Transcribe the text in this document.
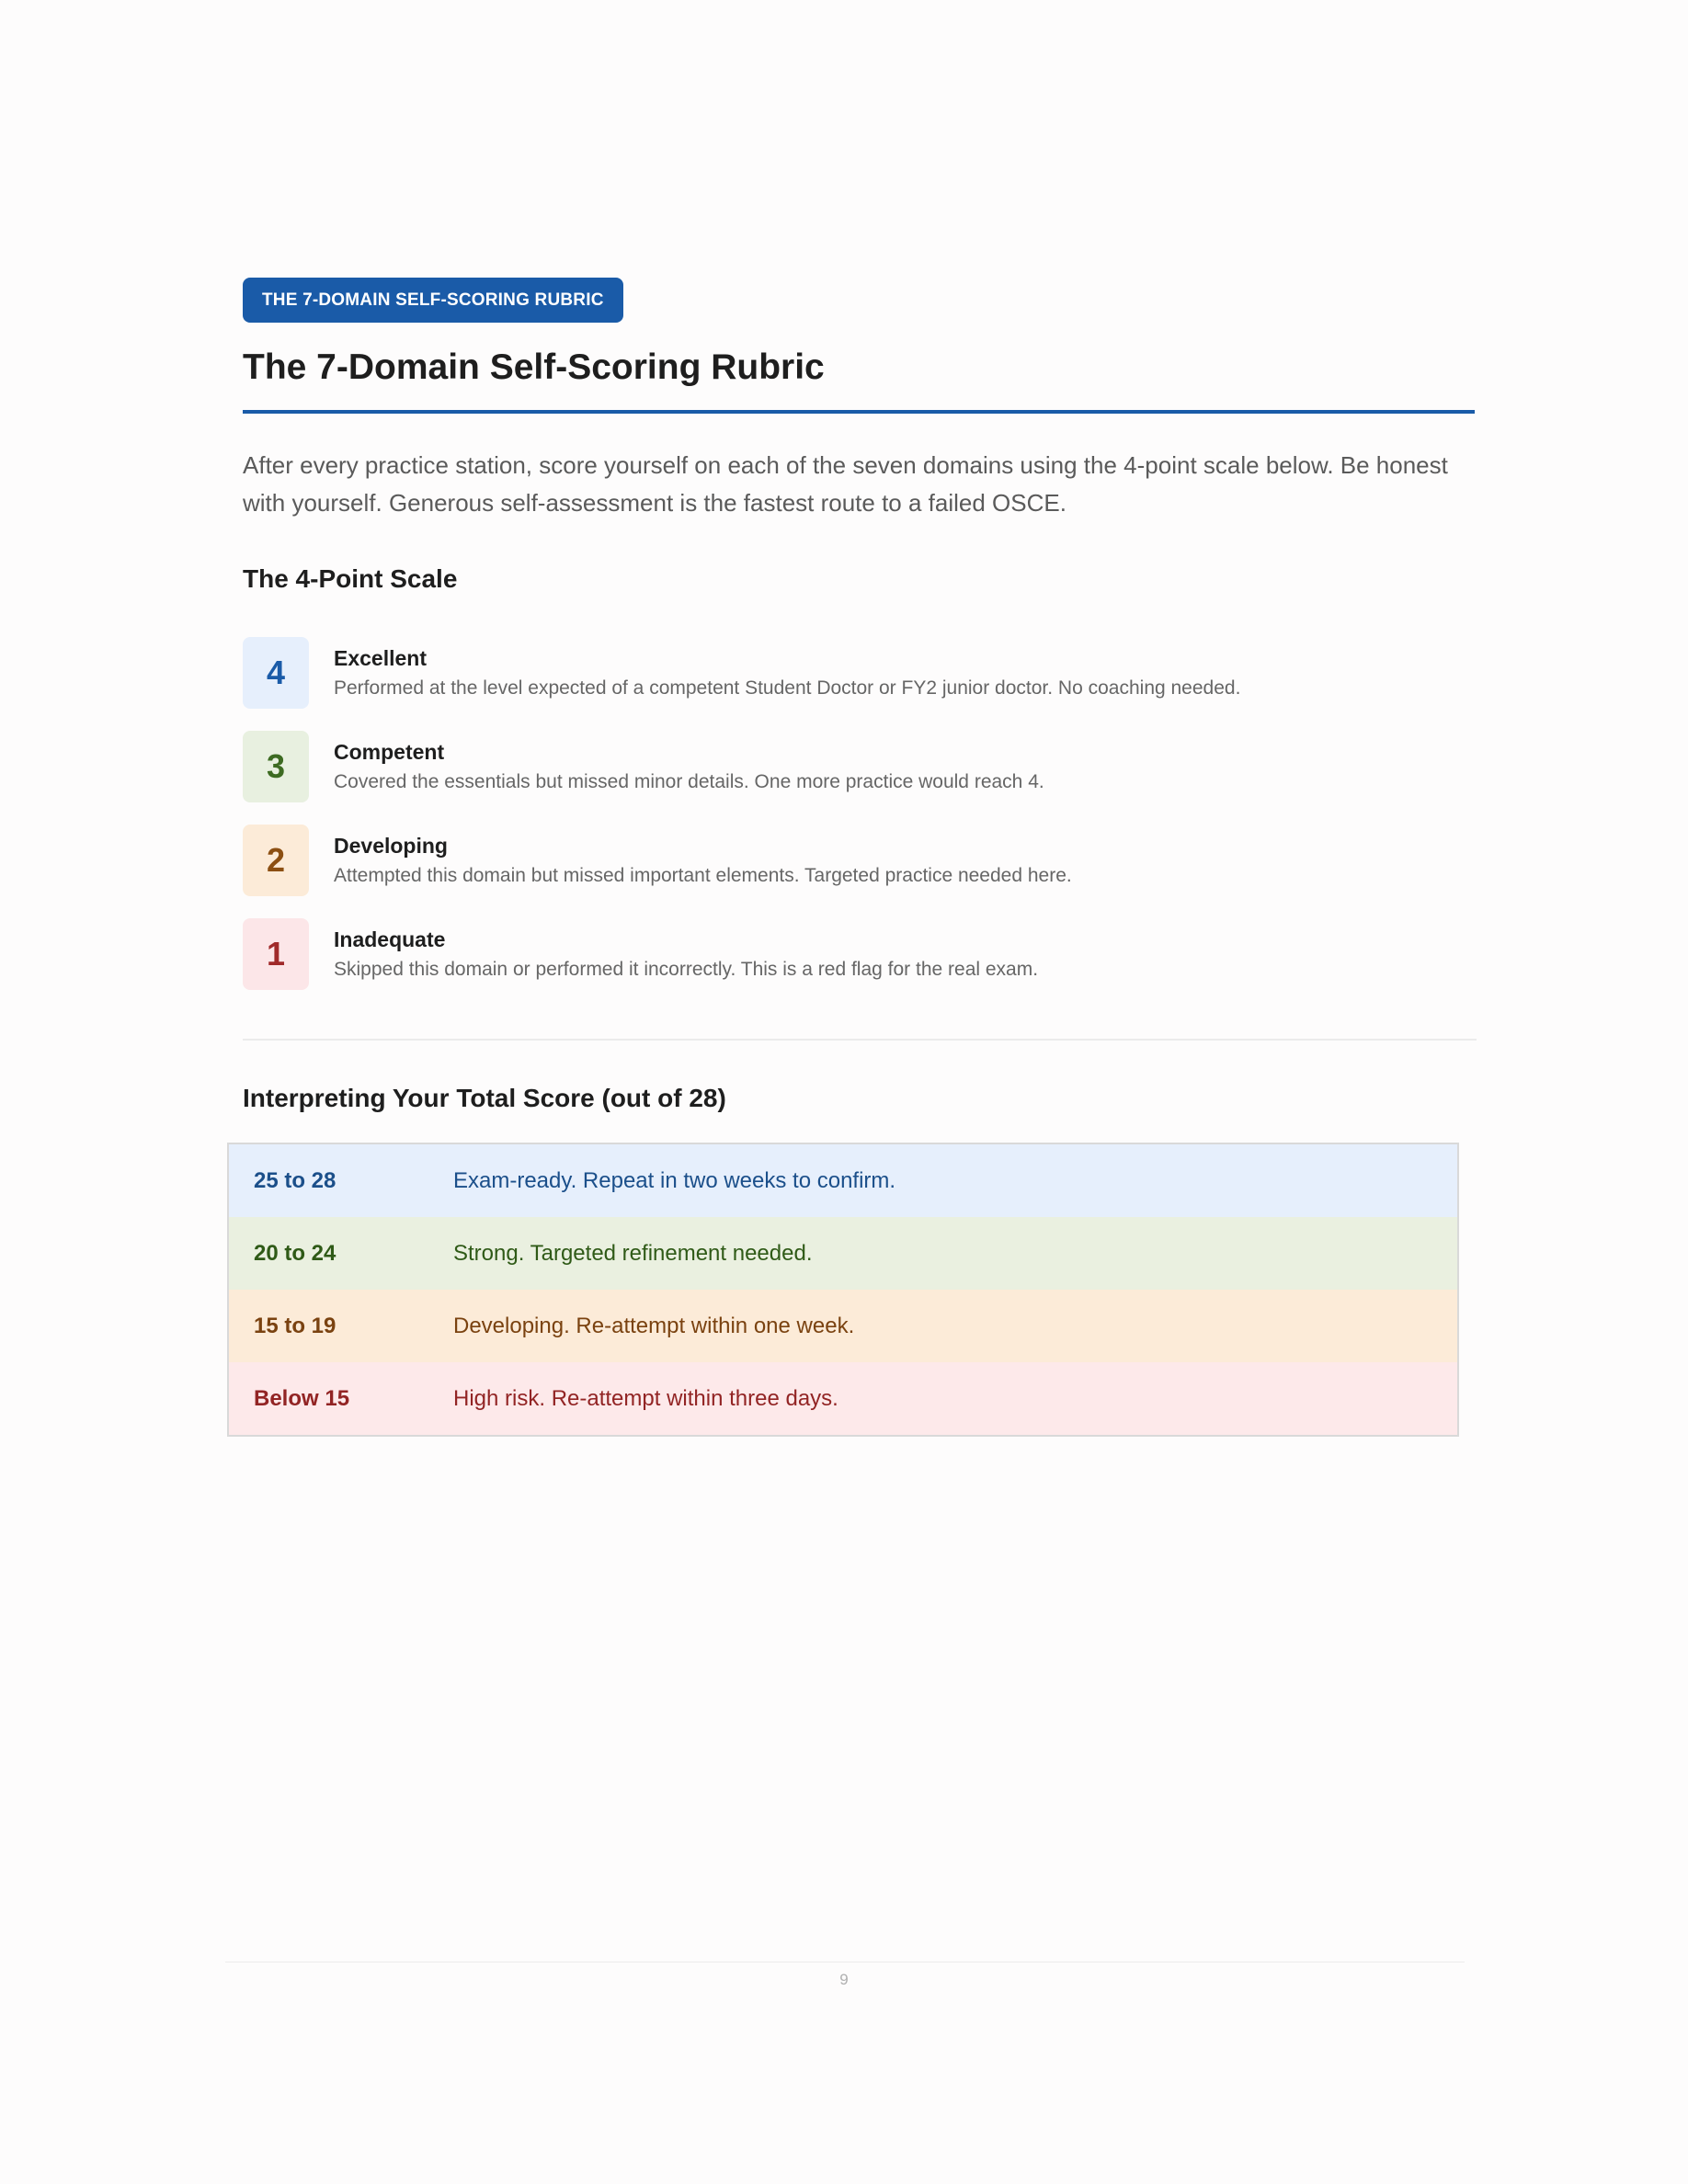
THE 7-DOMAIN SELF-SCORING RUBRIC
The 7-Domain Self-Scoring Rubric

After every practice station, score yourself on each of the seven domains using the 4-point scale below. Be honest with yourself. Generous self-assessment is the fastest route to a failed OSCE.

The 4-Point Scale
4	Excellent
Performed at the level expected of a competent Student Doctor or FY2 junior doctor. No coaching needed.
3	Competent
Covered the essentials but missed minor details. One more practice would reach 4.
2	Developing
Attempted this domain but missed important elements. Targeted practice needed here.
1	Inadequate
Skipped this domain or performed it incorrectly. This is a red flag for the real exam.
Interpreting Your Total Score (out of 28)
25 to 28	Exam-ready. Repeat in two weeks to confirm.
20 to 24	Strong. Targeted refinement needed.
15 to 19	Developing. Re-attempt within one week.
Below 15	High risk. Re-attempt within three days.
9
